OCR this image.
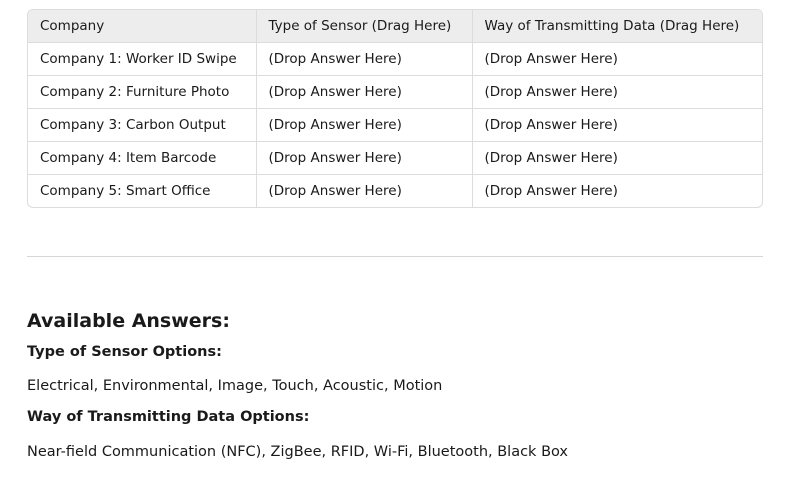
Company	Type of Sensor (Drag Here)	Way of Transmitting Data (Drag Here)
Company 1: Worker ID Swipe	(Drop Answer Here)	(Drop Answer Here)
Company 2: Furniture Photo	(Drop Answer Here)	(Drop Answer Here)
Company 3: Carbon Output	(Drop Answer Here)	(Drop Answer Here)
Company 4: Item Barcode	(Drop Answer Here)	(Drop Answer Here)
Company 5: Smart Office	(Drop Answer Here)	(Drop Answer Here)
Available Answers:
Type of Sensor Options:

Electrical, Environmental, Image, Touch, Acoustic, Motion

Way of Transmitting Data Options:

Near-field Communication (NFC), ZigBee, RFID, Wi-Fi, Bluetooth, Black Box
